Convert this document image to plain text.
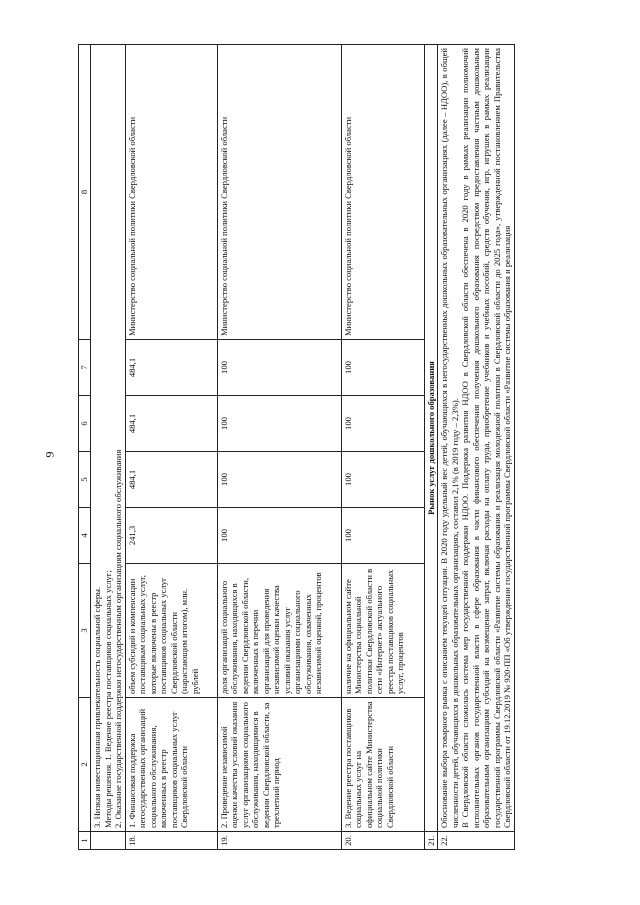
9
1	2	3	4	5	6	7	8

	3. Низкая инвестиционная привлекательность социальной сферы. Методы решения. 1. Ведение реестра поставщиков социальных услуг; 2. Оказание государственной поддержки негосударственным организациям социального обслуживания						

18.	1. Финансовая поддержка негосударственных организаций социального обслуживания, включенных в реестр поставщиков социальных услуг Свердловской области	объем субсидий и компенсации поставщикам социальных услуг, которые включены в реестр поставщиков социальных услуг Свердловской области (нарастающим итогом), млн. рублей	241,3	484,1	484,1	484,1	Министерство социальной политики Свердловской области
19.	2. Проведение независимой оценки качества условий оказания услуг организациями социального обслуживания, находящимися в ведении Свердловской области, за трехлетний период	доля организаций социального обслуживания, находящихся в ведении Свердловской области, включенных в перечни организаций для проведения независимой оценки качества условий оказания услуг организациями социального обслуживания, охваченных независимой оценкой, процентов	100	100	100	100	Министерство социальной политики Свердловской области
20.	3. Ведение реестра поставщиков социальных услуг на официальном сайте Министерства социальной политики Свердловской области	наличие на официальном сайте Министерства социальной политики Свердловской области в сети «Интернет» актуального реестра поставщиков социальных услуг, процентов	100	100	100	100	Министерство социальной политики Свердловской области
21.	Рынок услуг дошкольного образования						
22.	Обоснование выбора товарного рынка с описанием текущей ситуации. В 2020 году удельный вес детей, обучающихся в негосударственных дошкольных образовательных организациях (далее – НДОО), в общей численности детей, обучающихся в дошкольных образовательных организациях, составил 2,1% (в 2019 году – 2,3%).
В Свердловской области сложилась система мер государственной поддержки НДОО. Поддержка развития НДОО в Свердловской области обеспечена в 2020 году в рамках реализации полномочий исполнительных органов государственной власти в сфере образования в части финансового обеспечения получения дошкольного образования посредством предоставления частным дошкольным образовательным организациям субсидий на возмещение затрат, включая расходы на оплату труда, приобретение учебников и учебных пособий, средств обучения, игр, игрушек в рамках реализации государственной программы Свердловской области «Развитие системы образования и реализация молодежной политики в Свердловской области до 2025 года», утвержденной постановлением Правительства Свердловской области от 19.12.2019 № 920-ПП «Об утверждении государственной программы Свердловской области «Развитие системы образования и реализация						
